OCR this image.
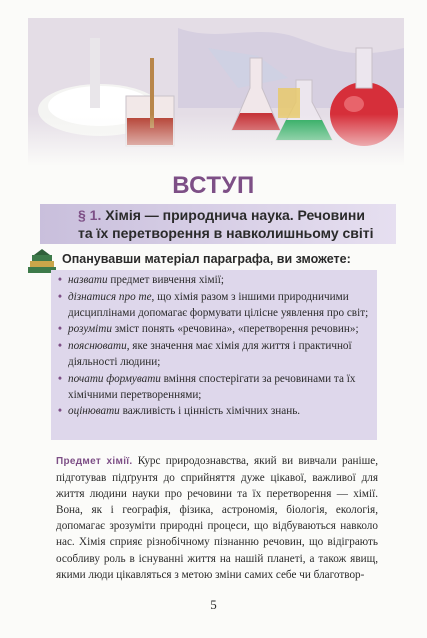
ВСТУП
§ 1. Хімія — природнича наука. Речовини
та їх перетворення в навколишньому світі
Опанувавши матеріал параграфа, ви зможете:
• назвати предмет вивчення хімії;
• дізнатися про те, що хімія разом з іншими природничими дисциплінами допомагає формувати цілісне уявлення про світ;
• розуміти зміст понять «речовина», «перетворення речовин»;
• пояснювати, яке значення має хімія для життя і практичної діяльності людини;
• почати формувати вміння спостерігати за речовинами та їх хімічними перетвореннями;
• оцінювати важливість і цінність хімічних знань.
Предмет хімії. Курс природознавства, який ви вивчали раніше, підготував підґрунтя до сприйняття дуже цікавої, важливої для життя людини науки про речовини та їх перетворення — хімії. Вона, як і географія, фізика, астрономія, біологія, екологія, допомагає зрозуміти природні процеси, що відбуваються навколо нас. Хімія сприяє різнобічному пізнанню речовин, що відіграють особливу роль в існуванні життя на нашій планеті, а також явищ, якими люди цікавляться з метою зміни самих себе чи благотвор-
5
